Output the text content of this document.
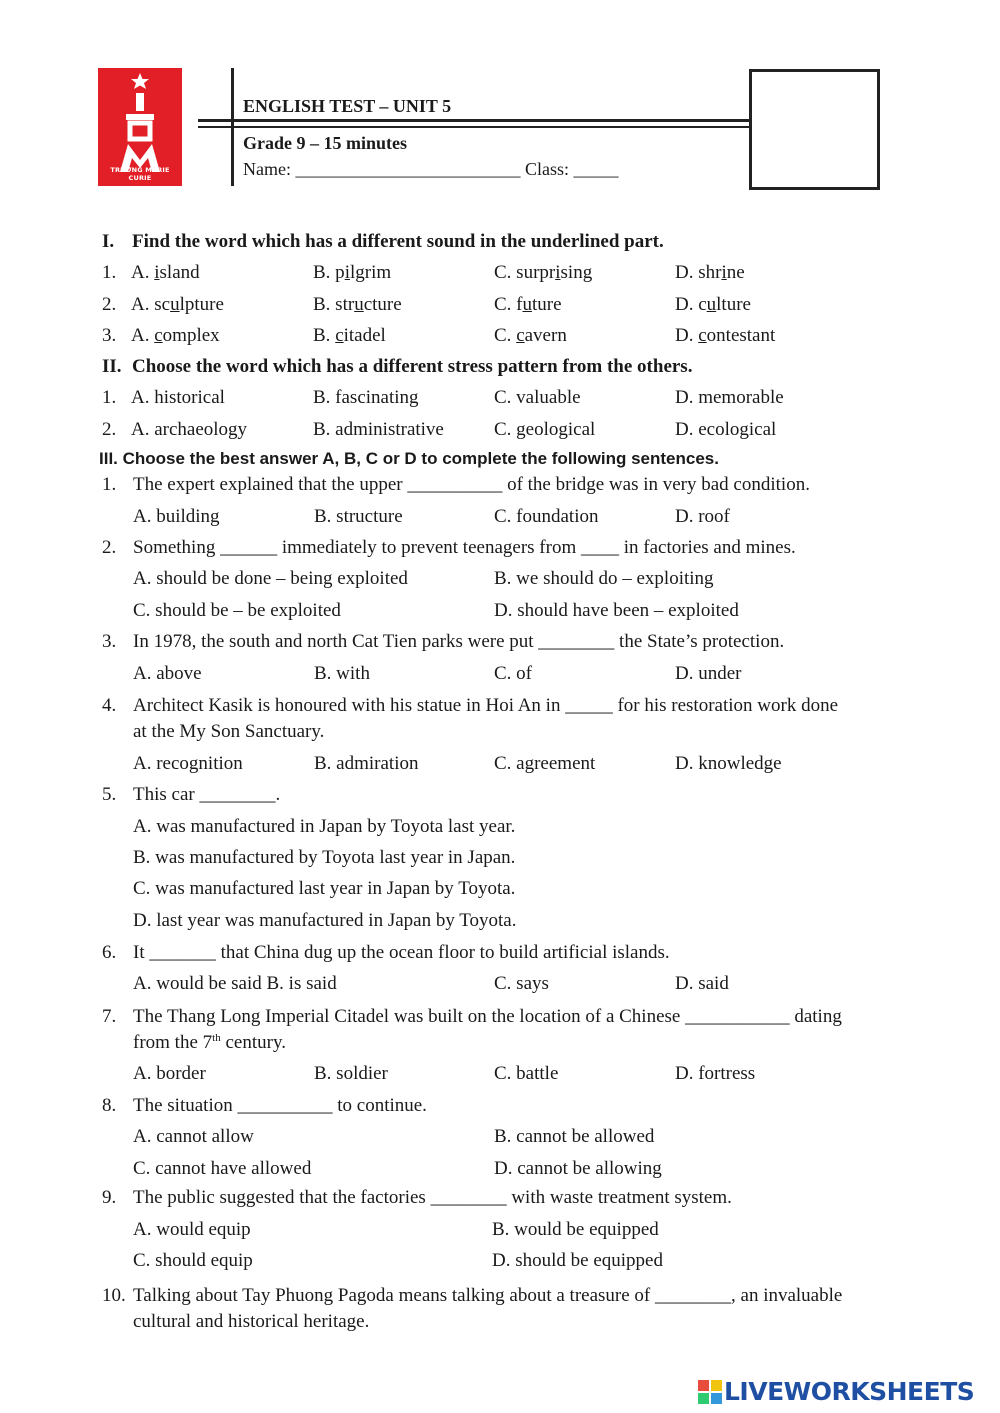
TRƯỜNG MARIE CURIE
ENGLISH TEST – UNIT 5
Grade 9 – 15 minutes
Name: _________________________ Class: _____
I. Find the word which has a different sound in the underlined part.
1. A. island	B. pilgrim	C. surprising	D. shrine
2. A. sculpture	B. structure	C. future	D. culture
3. A. complex	B. citadel	C. cavern	D. contestant
II. Choose the word which has a different stress pattern from the others.
1. A. historical	B. fascinating	C. valuable	D. memorable
2. A. archaeology	B. administrative	C. geological	D. ecological
III. Choose the best answer A, B, C or D to complete the following sentences.
1. The expert explained that the upper __________ of the bridge was in very bad condition.
A. building	B. structure	C. foundation	D. roof
2. Something ______ immediately to prevent teenagers from ____ in factories and mines.
A. should be done – being exploited	B. we should do – exploiting
C. should be – be exploited	D. should have been – exploited
3. In 1978, the south and north Cat Tien parks were put ________ the State’s protection.
A. above	B. with	C. of	D. under
4. Architect Kasik is honoured with his statue in Hoi An in _____ for his restoration work done
at the My Son Sanctuary.
A. recognition	B. admiration	C. agreement	D. knowledge
5. This car ________.
A. was manufactured in Japan by Toyota last year.
B. was manufactured by Toyota last year in Japan.
C. was manufactured last year in Japan by Toyota.
D. last year was manufactured in Japan by Toyota.
6. It _______ that China dug up the ocean floor to build artificial islands.
A. would be said B. is said	C. says	D. said
7. The Thang Long Imperial Citadel was built on the location of a Chinese ___________ dating
from the 7th century.
A. border	B. soldier	C. battle	D. fortress
8. The situation __________ to continue.
A. cannot allow	B. cannot be allowed
C. cannot have allowed	D. cannot be allowing
9. The public suggested that the factories ________ with waste treatment system.
A. would equip	B. would be equipped
C. should equip	D. should be equipped
10. Talking about Tay Phuong Pagoda means talking about a treasure of ________, an invaluable
cultural and historical heritage.
LIVEWORKSHEETS
